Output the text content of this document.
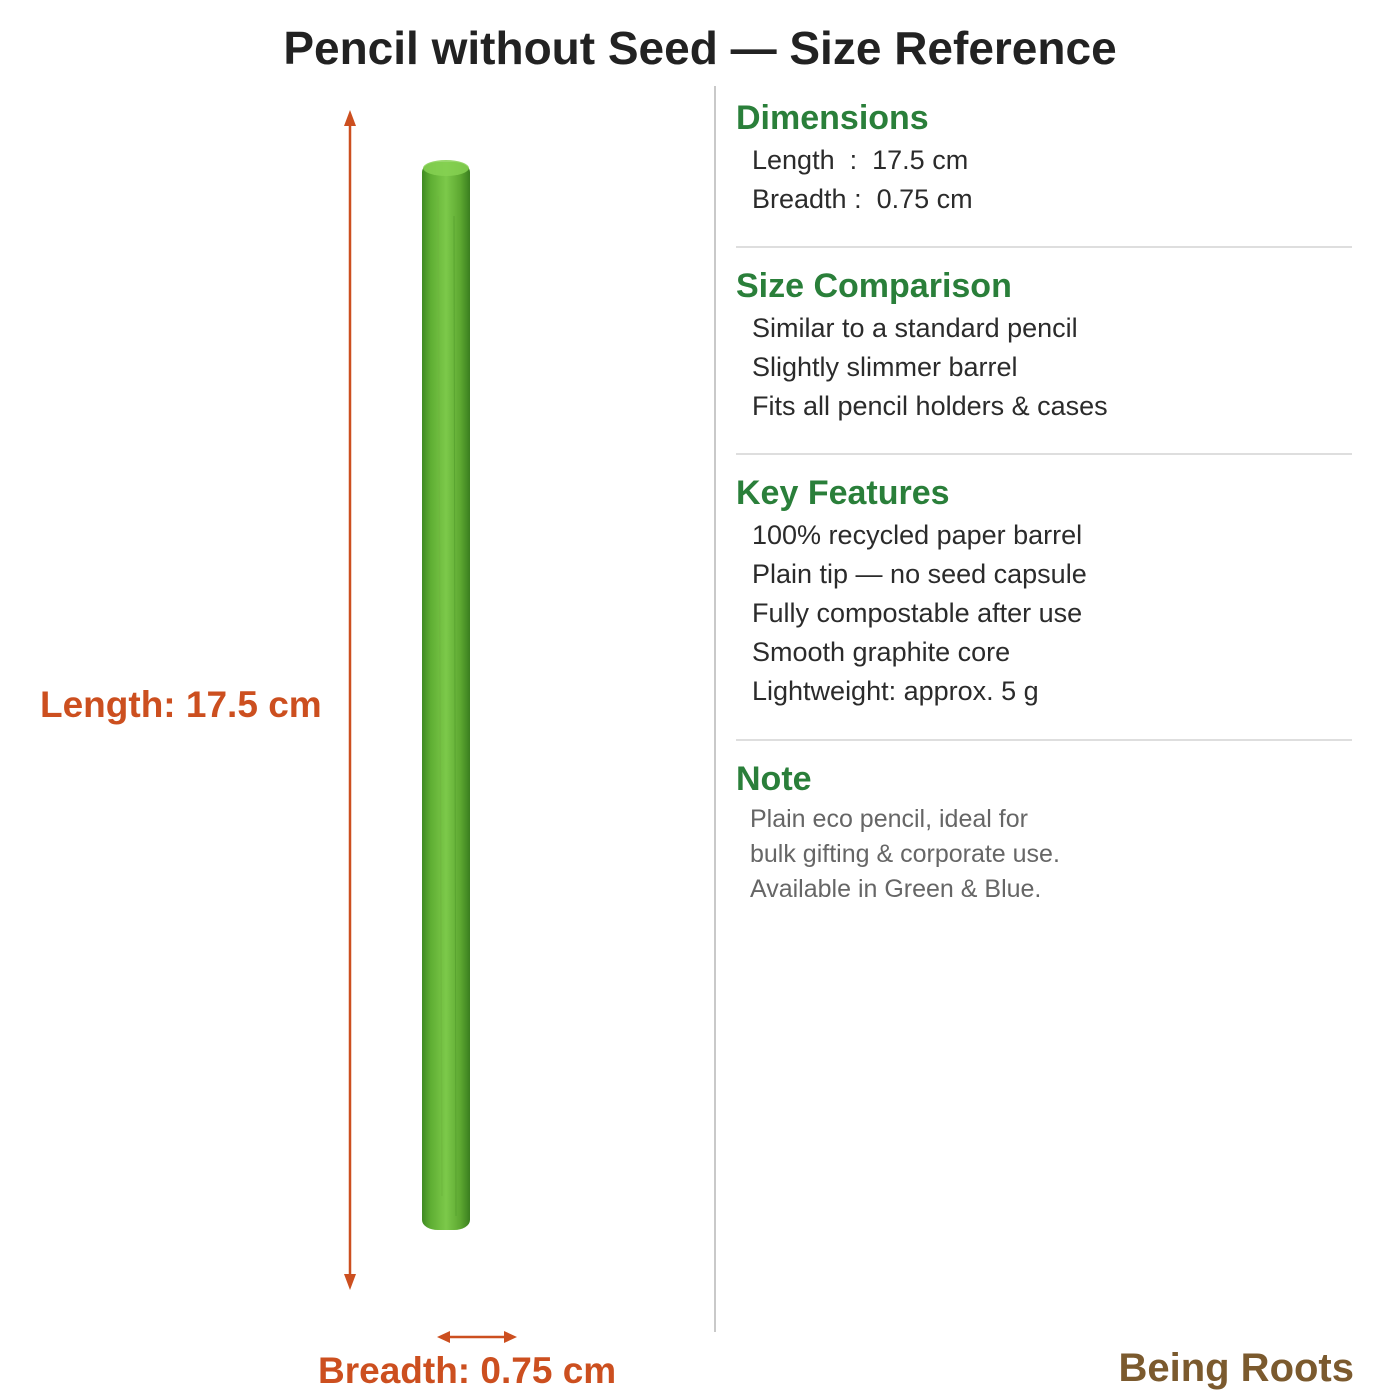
Pencil without Seed — Size Reference
Length: 17.5 cm
Breadth: 0.75 cm
Dimensions
Length : 17.5 cm
Breadth : 0.75 cm
Size Comparison
Similar to a standard pencil
Slightly slimmer barrel
Fits all pencil holders & cases
Key Features
100% recycled paper barrel
Plain tip — no seed capsule
Fully compostable after use
Smooth graphite core
Lightweight: approx. 5 g
Note
Plain eco pencil, ideal for
bulk gifting & corporate use.
Available in Green & Blue.
Being Roots
